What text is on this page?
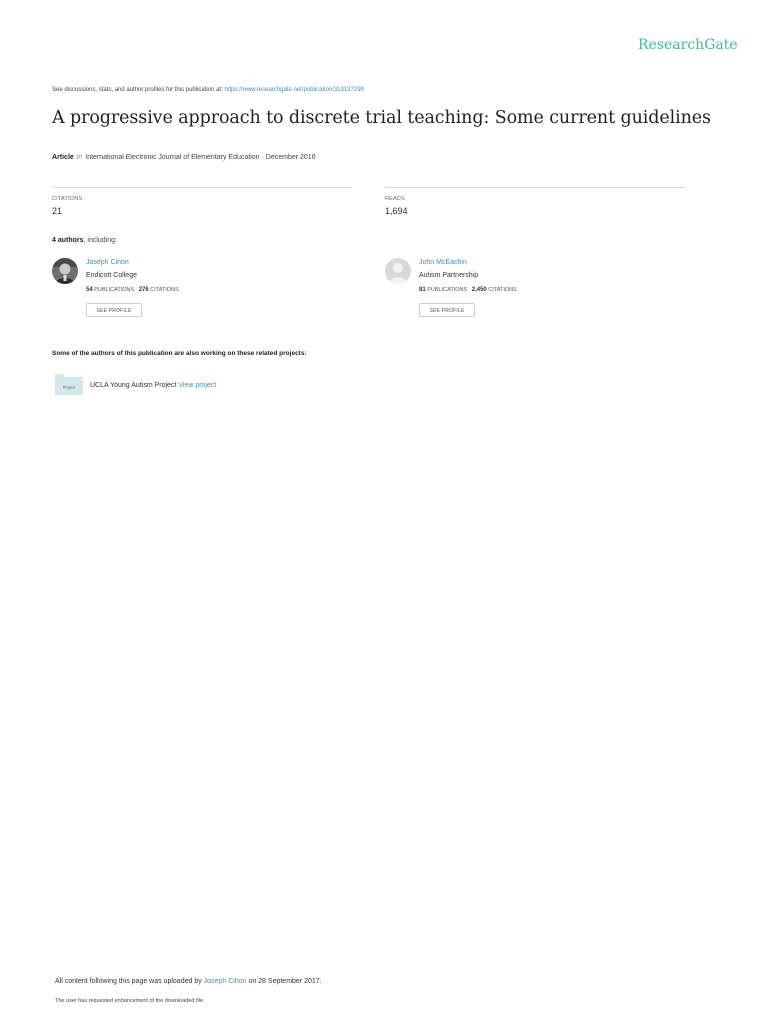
ResearchGate
See discussions, stats, and author profiles for this publication at: https://www.researchgate.net/publication/313137299
A progressive approach to discrete trial teaching: Some current guidelines
Article in International Electronic Journal of Elementary Education · December 2016
CITATIONS
21
READS
1,694
4 authors, including:
Joseph Cihon
Endicott College
54 PUBLICATIONS 276 CITATIONS
SEE PROFILE
John McEachin
Autism Partnership
81 PUBLICATIONS 2,450 CITATIONS
SEE PROFILE
Some of the authors of this publication are also working on these related projects:
Project UCLA Young Autism Project View project
All content following this page was uploaded by Joseph Cihon on 28 September 2017.
The user has requested enhancement of the downloaded file.
